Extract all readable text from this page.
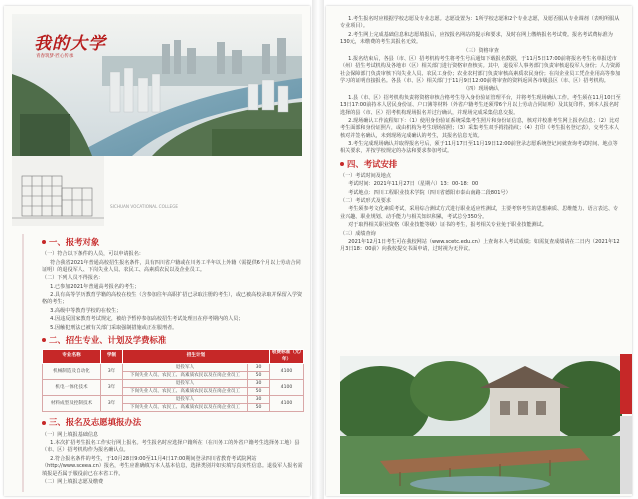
我的大学
青春筑梦·匠心传承
SICHUAN VOCATIONAL COLLEGE
一、报考对象
（一）符合以下条件的人员，可以申请报名：
符合我省2021年普通高校招生报名条件，具有四川省户籍或在川务工半年以上外籍（需提供6个月以上劳动合同证明）的退役军人、下岗失业人员、农民工、高素质农民以及企业员工。
（二）下列人员不得报名：
1.已参加2021年普通高考报名的考生；
2.具有高等学历教育学籍的高校在校生（含参加往年高职扩招已录取注册的考生），或已被高校录取并保留入学资格的考生；
3.高级中等教育学校的在校生；
4.因违反国家教育考试规定，被给予暂停参加高校招生考试处理且在停考期内的人员；
5.因触犯刑法已被有关部门采取强制措施或正在服刑者。
二、招生专业、计划及学费标准
专业名称	学制	招生计划		收费标准（元/年）
机械制造及自动化	3年	退役军人	30	4100
		下岗失业人员、农民工、高素质农民以及在岗企业员工	50	
机电一体化技术	3年	退役军人	30	4100
		下岗失业人员、农民工、高素质农民以及在岗企业员工	50	
材料成型及控制技术	3年	退役军人	30	4100
		下岗失业人员、农民工、高素质农民以及在岗企业员工	50	
三、报名及志愿填报办法
（一）网上填报基础信息
1.本次扩招考生报名工作实行网上报名。考生报名时应选择户籍所在（在川务工的外省户籍考生选择务工地）县（市、区）招考机构作为报名确认点。
2.符合报名条件的考生，于10月28日9:00至11月4日17:00期间登录四川省教育考试院网站（http://www.sceea.cn）报名，考生应准确填写本人基本信息，选择类别并如实填写真实性信息。退役军人报名需填报是否属于服役前已在本省工作。
（二）网上填报志愿及缴费
1.考生报名时应根据学校志愿及专业志愿。志愿设置为：1所学校志愿和2个专业志愿，及愿否服从专业调剂（表明所服从专业项目）。
2.考生网上完成基础信息和志愿填报后，应按报名网站的提示和要求，及时在网上缴纳报名考试费。报名考试费标准为130元，未缴费的考生其报名无效。
（三）资格审查
1.报名结束后，各县（市、区）招考机构考生将考生号后通知下载报名数据，于11月5日17:00前将报名考生名单报送市（州）招生考试机构及各地市（区）相关部门进行资格审查核实。其中，退役军人事务部门负责审核退役军人身份；人力资源社会保障部门负责审核下岗失业人员、农民工身份；农业农村部门负责审核高素质农民身份；在岗企业员工凭企业用高等参加学习的证明直接报名。各县（市、区）相关部门于11月9日12:00前将审查的资料返回各市级县区（市、区）招考机构。
（四）现场确认
1.县（市、区）招考机构负责将资格审核合格考生导入身份验证管理平台，并将考生现场确认工作。考生须在11月10日至13日17:00前持本人居民身份证、户口簿等材料（外省户籍考生还须带6个月以上劳动合同证明）及其复印件，到本人报名时选择的县（市、区）招考机构现场报名并过行确认，并现场完成采集信息交报。
2.现场确认工作流程如下：（1）使用身份验证系统采集考生照片和身份证信息，核对并校准考生网上报名信息；（2）比对考生面部和身份证照片，或由机构为考生现场拍照；（3）采集考生双手拇指指纹；（4）打印《考生报名登记表》，交考生本人核对并签名确认，未到现场完成确认的考生，其报名信息无效。
3.考生完成现场确认并取得报名号后，须于11月17日至11月19日12:00前登录志愿系统登记问就查询考试时间、地点等相关要求，并按学校规定的办法和要求参加考试。
四、考试安排
（一）考试时间及地点
考试时间：2021年11月27日（星期六）13：00-18：00
考试地点：四川工程职业技术学院（四川省德阳市泰山南路二段801号）
（二）考试形式及要求
考生须参考文化素质考试，采用综合测试方式进行职业适应性测试，主要考察考生的思想素质、思维能力、语言表达、专业兴趣、职业规划、动手能力与相关知识积累，考试总分350分。
对于取得相关职业资格（职业技能等级）证书的考生，报考相关专业免于职业技能测试。
（三）成绩查询
2021年12月1日考生可在我校网站（www.scetc.edu.cn）上查询本人考试成绩；如需复查成绩请在二日内（2021年12月3日18：00前）向我校提交书面申请，过时视为无异议。
